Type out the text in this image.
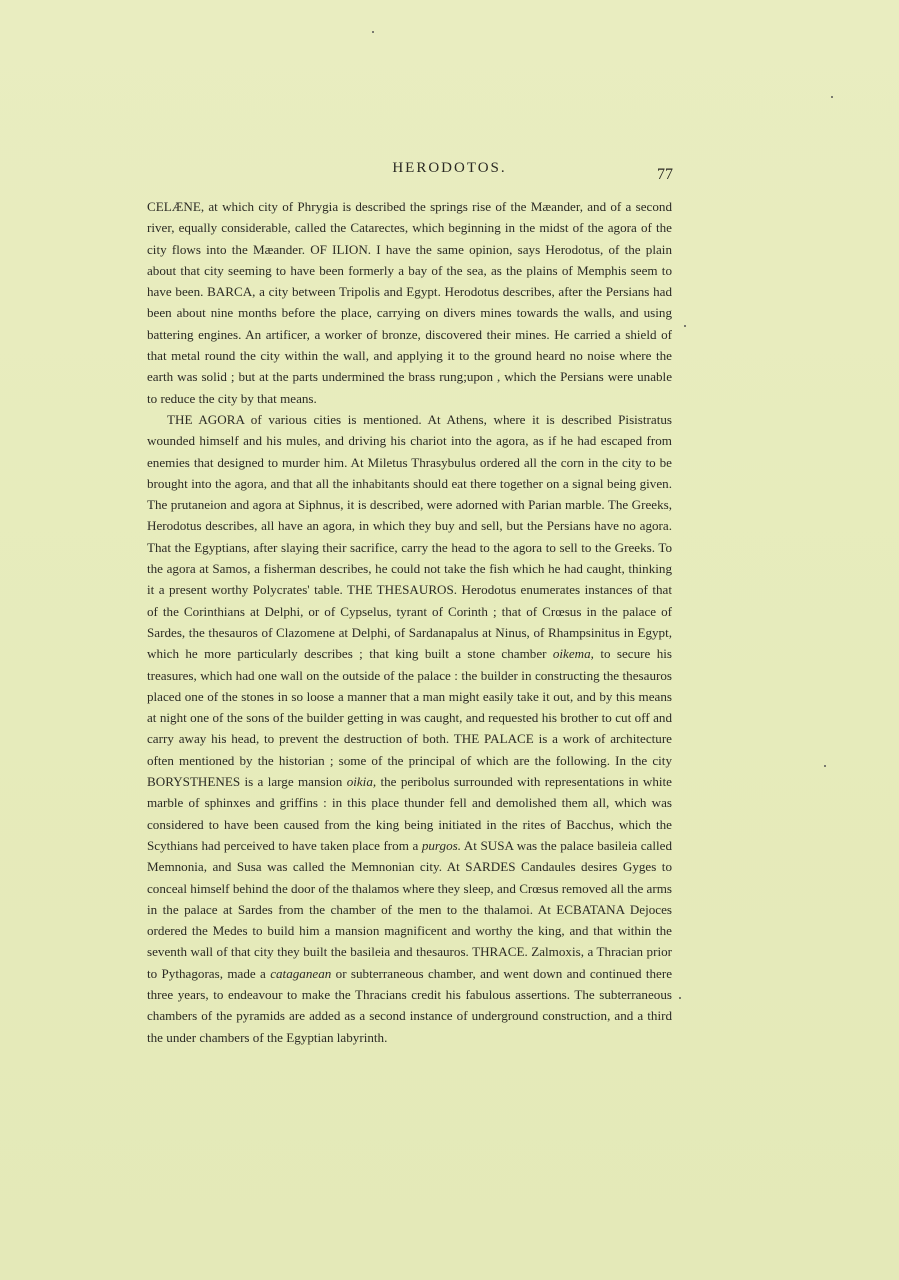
HERODOTOS.	77

CELÆNE, at which city of Phrygia is described the springs rise of the Mæander, and of a second river, equally considerable, called the Catarectes, which beginning in the midst of the agora of the city flows into the Mæander. OF ILION. I have the same opinion, says Herodotus, of the plain about that city seeming to have been formerly a bay of the sea, as the plains of Memphis seem to have been. BARCA, a city between Tripolis and Egypt. Herodotus describes, after the Persians had been about nine months before the place, carrying on divers mines towards the walls, and using battering engines. An artificer, a worker of bronze, discovered their mines. He carried a shield of that metal round the city within the wall, and applying it to the ground heard no noise where the earth was solid ; but at the parts undermined the brass rung;upon , which the Persians were unable to reduce the city by that means.

THE AGORA of various cities is mentioned. At Athens, where it is described Pisistratus wounded himself and his mules, and driving his chariot into the agora, as if he had escaped from enemies that designed to murder him. At Miletus Thrasybulus ordered all the corn in the city to be brought into the agora, and that all the inhabitants should eat there together on a signal being given. The prutaneion and agora at Siphnus, it is described, were adorned with Parian marble. The Greeks, Herodotus describes, all have an agora, in which they buy and sell, but the Persians have no agora. That the Egyptians, after slaying their sacrifice, carry the head to the agora to sell to the Greeks. To the agora at Samos, a fisherman describes, he could not take the fish which he had caught, thinking it a present worthy Polycrates' table. THE THESAUROS. Herodotus enumerates instances of that of the Corinthians at Delphi, or of Cypselus, tyrant of Corinth ; that of Crœsus in the palace of Sardes, the thesauros of Clazomene at Delphi, of Sardanapalus at Ninus, of Rhampsinitus in Egypt, which he more particularly describes ; that king built a stone chamber oikema, to secure his treasures, which had one wall on the outside of the palace : the builder in constructing the thesauros placed one of the stones in so loose a manner that a man might easily take it out, and by this means at night one of the sons of the builder getting in was caught, and requested his brother to cut off and carry away his head, to prevent the destruction of both. THE PALACE is a work of architecture often mentioned by the historian ; some of the principal of which are the following. In the city BORYSTHENES is a large mansion oikia, the peribolus surrounded with representations in white marble of sphinxes and griffins : in this place thunder fell and demolished them all, which was considered to have been caused from the king being initiated in the rites of Bacchus, which the Scythians had perceived to have taken place from a purgos. At SUSA was the palace basileia called Memnonia, and Susa was called the Memnonian city. At SARDES Candaules desires Gyges to conceal himself behind the door of the thalamos where they sleep, and Crœsus removed all the arms in the palace at Sardes from the chamber of the men to the thalamoi. At ECBATANA Dejoces ordered the Medes to build him a mansion magnificent and worthy the king, and that within the seventh wall of that city they built the basileia and thesauros. THRACE. Zalmoxis, a Thracian prior to Pythagoras, made a cataganean or subterraneous chamber, and went down and continued there three years, to endeavour to make the Thracians credit his fabulous assertions. The subterraneous chambers of the pyramids are added as a second instance of underground construction, and a third the under chambers of the Egyptian labyrinth.
